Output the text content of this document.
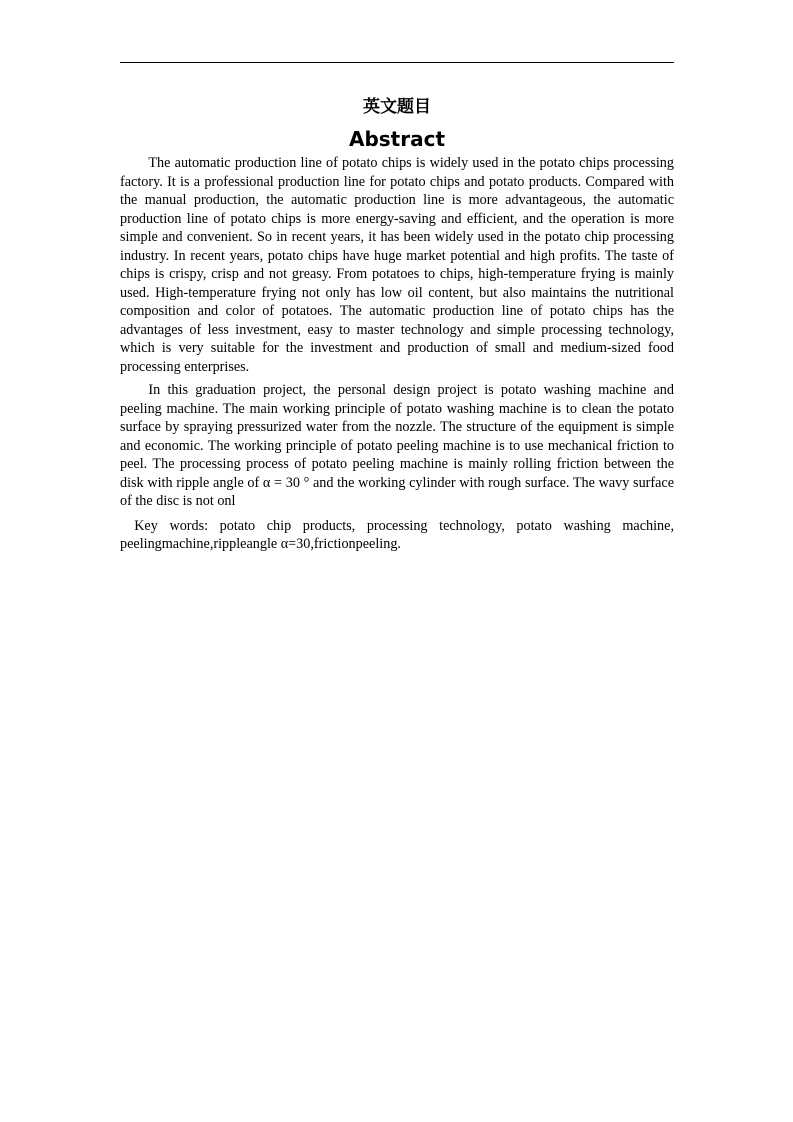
英文题目
Abstract

The automatic production line of potato chips is widely used in the potato chips processing factory. It is a professional production line for potato chips and potato products. Compared with the manual production, the automatic production line is more advantageous, the automatic production line of potato chips is more energy-saving and efficient, and the operation is more simple and convenient. So in recent years, it has been widely used in the potato chip processing industry. In recent years, potato chips have huge market potential and high profits. The taste of chips is crispy, crisp and not greasy. From potatoes to chips, high-temperature frying is mainly used. High-temperature frying not only has low oil content, but also maintains the nutritional composition and color of potatoes. The automatic production line of potato chips has the advantages of less investment, easy to master technology and simple processing technology, which is very suitable for the investment and production of small and medium-sized food processing enterprises.

In this graduation project, the personal design project is potato washing machine and peeling machine. The main working principle of potato washing machine is to clean the potato surface by spraying pressurized water from the nozzle. The structure of the equipment is simple and economic. The working principle of potato peeling machine is to use mechanical friction to peel. The processing process of potato peeling machine is mainly rolling friction between the disk with ripple angle of α = 30 ° and the working cylinder with rough surface. The wavy surface of the disc is not onl

Key words: potato chip products, processing technology, potato washing machine, peelingmachine,rippleangle α=30,frictionpeeling.
